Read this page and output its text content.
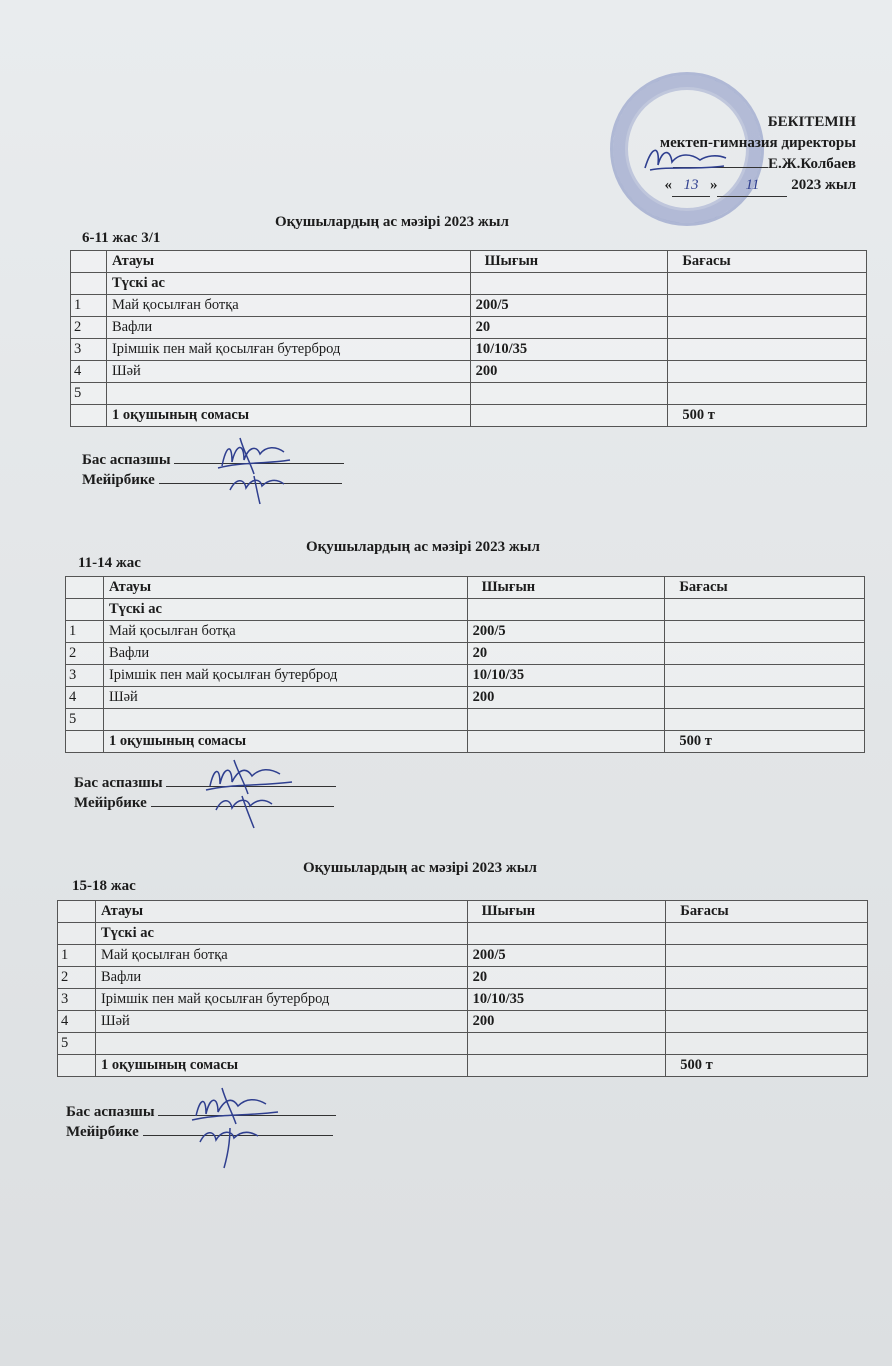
БЕКІТЕМІН
мектеп-гимназия директоры
Е.Ж.Колбаев
« 13 » 11 2023 жыл
Оқушылардың ас мәзірі 2023 жыл
6-11 жас 3/1
	Атауы	Шығын	Бағасы
	Түскі ас		
1	Май қосылған ботқа	200/5	
2	Вафли	20	
3	Ірімшік пен май қосылған бутерброд	10/10/35	
4	Шәй	200	
5			
	1 оқушының сомасы		500 т
Бас аспазшы
Мейірбике
Оқушылардың ас мәзірі 2023 жыл
11-14 жас
	Атауы	Шығын	Бағасы
	Түскі ас		
1	Май қосылған ботқа	200/5	
2	Вафли	20	
3	Ірімшік пен май қосылған бутерброд	10/10/35	
4	Шәй	200	
5			
	1 оқушының сомасы		500 т
Бас аспазшы
Мейірбике
Оқушылардың ас мәзірі 2023 жыл
15-18 жас
	Атауы	Шығын	Бағасы
	Түскі ас		
1	Май қосылған ботқа	200/5	
2	Вафли	20	
3	Ірімшік пен май қосылған бутерброд	10/10/35	
4	Шәй	200	
5			
	1 оқушының сомасы		500 т
Бас аспазшы
Мейірбике
